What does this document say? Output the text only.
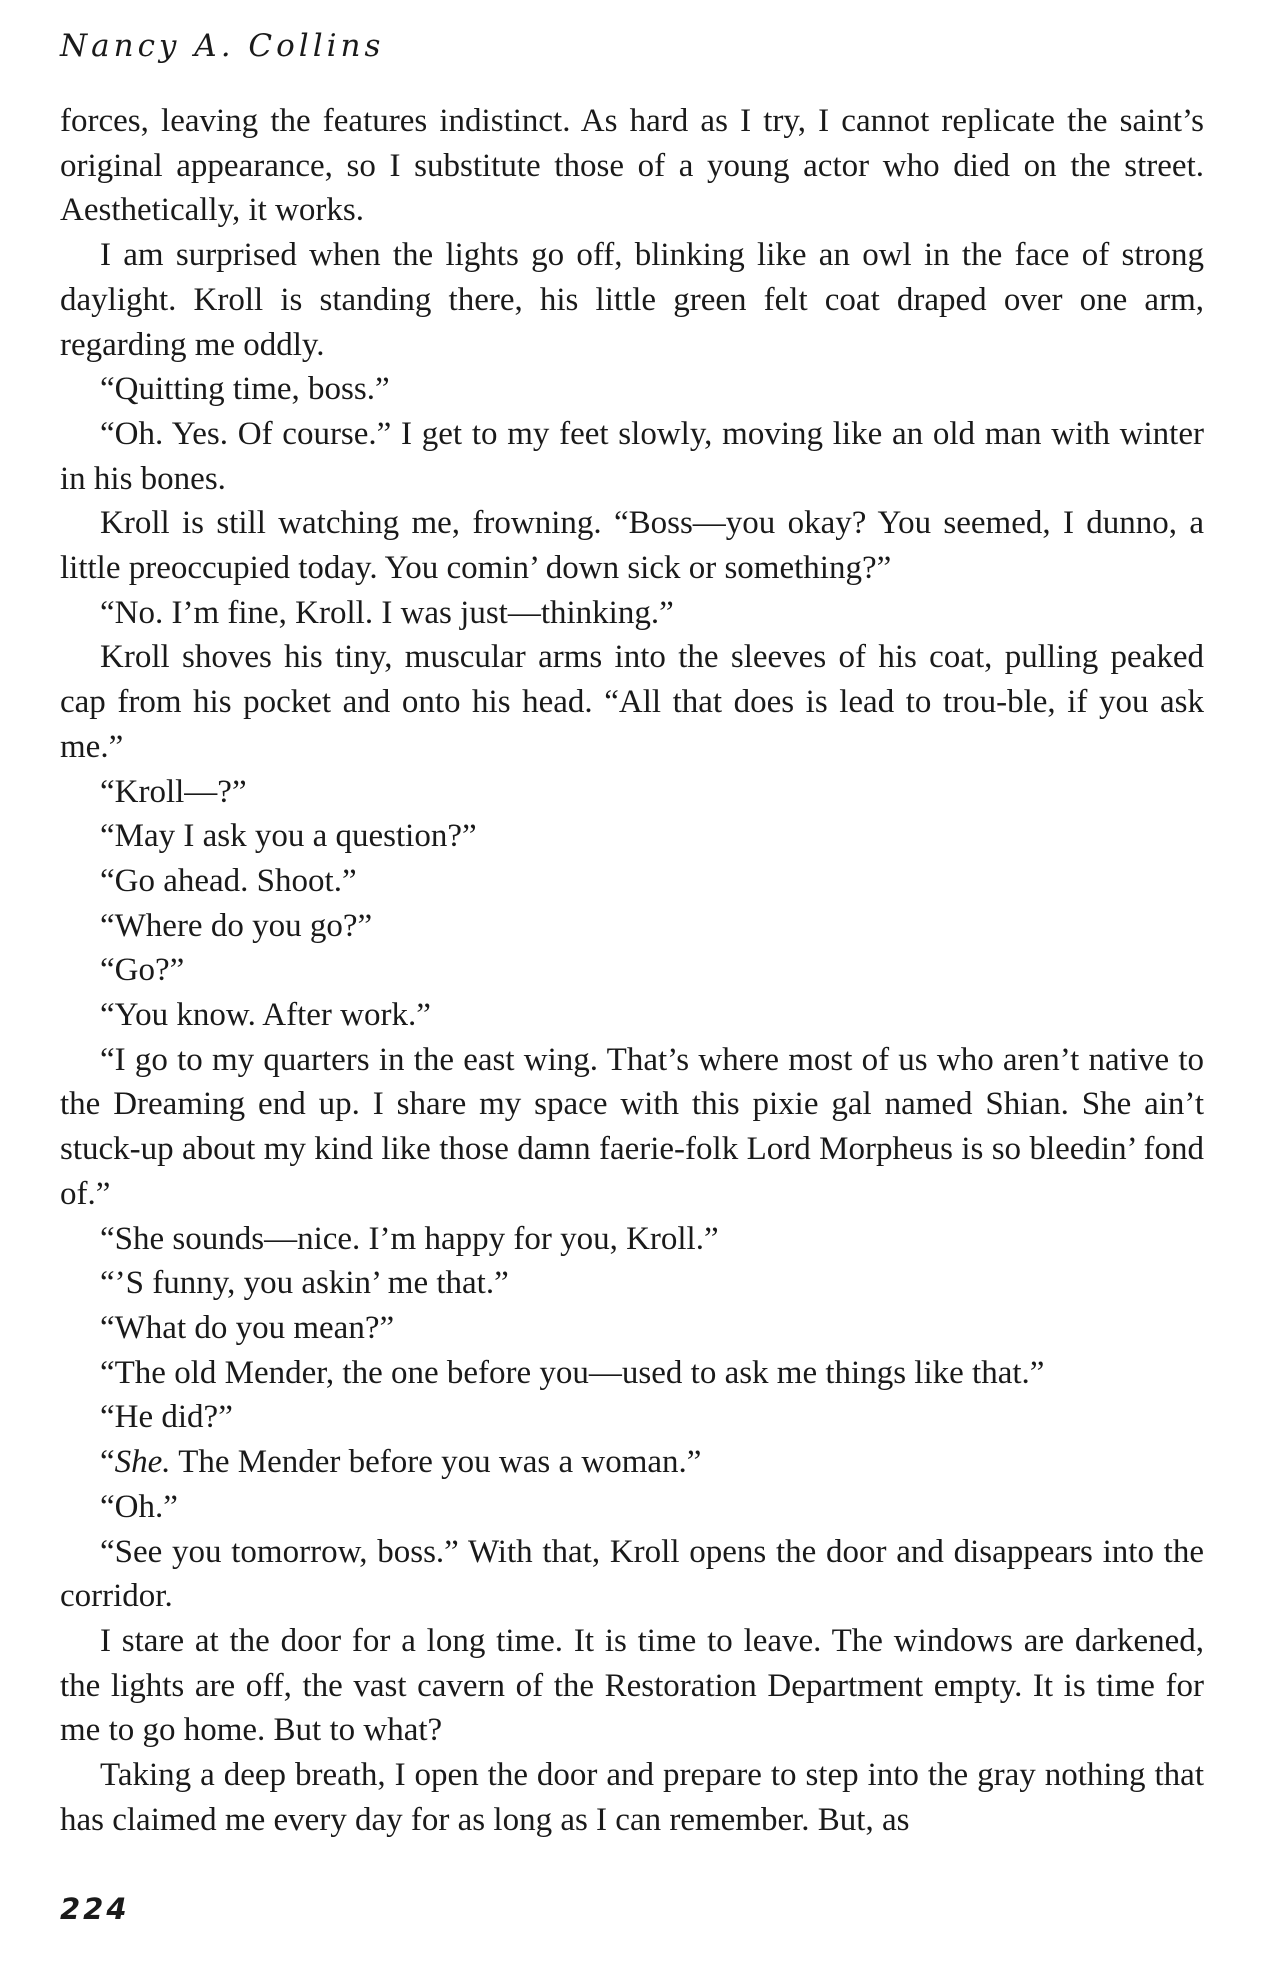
Nancy A. Collins

forces, leaving the features indistinct. As hard as I try, I cannot replicate the saint’s original appearance, so I substitute those of a young actor who died on the street. Aesthetically, it works.

I am surprised when the lights go off, blinking like an owl in the face of strong daylight. Kroll is standing there, his little green felt coat draped over one arm, regarding me oddly.

“Quitting time, boss.”

“Oh. Yes. Of course.” I get to my feet slowly, moving like an old man with winter in his bones.

Kroll is still watching me, frowning. “Boss—you okay? You seemed, I dunno, a little preoccupied today. You comin’ down sick or something?”

“No. I’m fine, Kroll. I was just—thinking.”

Kroll shoves his tiny, muscular arms into the sleeves of his coat, pulling peaked cap from his pocket and onto his head. “All that does is lead to trou-ble, if you ask me.”

“Kroll—?”

“May I ask you a question?”

“Go ahead. Shoot.”

“Where do you go?”

“Go?”

“You know. After work.”

“I go to my quarters in the east wing. That’s where most of us who aren’t native to the Dreaming end up. I share my space with this pixie gal named Shian. She ain’t stuck-up about my kind like those damn faerie-folk Lord Morpheus is so bleedin’ fond of.”

“She sounds—nice. I’m happy for you, Kroll.”

“’S funny, you askin’ me that.”

“What do you mean?”

“The old Mender, the one before you—used to ask me things like that.”

“He did?”

“She. The Mender before you was a woman.”

“Oh.”

“See you tomorrow, boss.” With that, Kroll opens the door and disappears into the corridor.

I stare at the door for a long time. It is time to leave. The windows are darkened, the lights are off, the vast cavern of the Restoration Department empty. It is time for me to go home. But to what?

Taking a deep breath, I open the door and prepare to step into the gray nothing that has claimed me every day for as long as I can remember. But, as

224
